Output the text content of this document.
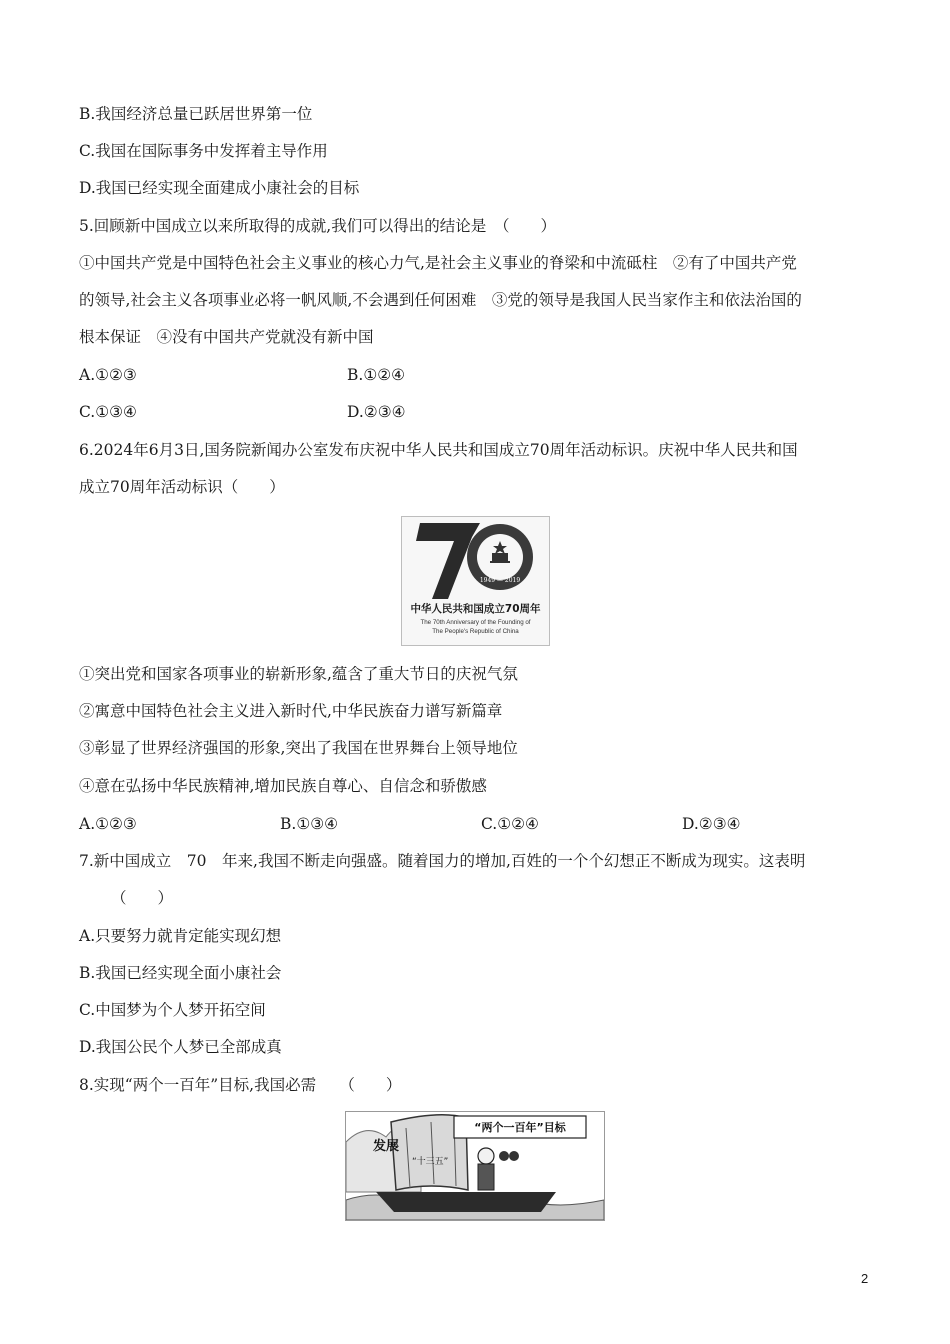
B.我国经济总量已跃居世界第一位
C.我国在国际事务中发挥着主导作用
D.我国已经实现全面建成小康社会的目标
5.回顾新中国成立以来所取得的成就,我们可以得出的结论是　（　　）
①中国共产党是中国特色社会主义事业的核心力气,是社会主义事业的脊梁和中流砥柱　②有了中国共产党
的领导,社会主义各项事业必将一帆风顺,不会遇到任何困难　③党的领导是我国人民当家作主和依法治国的
根本保证　④没有中国共产党就没有新中国
A.①②③	B.①②④
C.①③④	D.②③④
6.2024年6月3日,国务院新闻办公室发布庆祝中华人民共和国成立70周年活动标识。庆祝中华人民共和国
成立70周年活动标识（　　）
1949 — 2019
中华人民共和国成立70周年
The 70th Anniversary of the Founding of
The People's Republic of China
①突出党和国家各项事业的崭新形象,蕴含了重大节日的庆祝气氛
②寓意中国特色社会主义进入新时代,中华民族奋力谱写新篇章
③彰显了世界经济强国的形象,突出了我国在世界舞台上领导地位
④意在弘扬中华民族精神,增加民族自尊心、自信念和骄傲感
A.①②③	B.①③④	C.①②④	D.②③④
7.新中国成立　70　年来,我国不断走向强盛。随着国力的增加,百姓的一个个幻想正不断成为现实。这表明
（　　）
A.只要努力就肯定能实现幻想
B.我国已经实现全面小康社会
C.中国梦为个人梦开拓空间
D.我国公民个人梦已全部成真
8.实现“两个一百年”目标,我国必需　　（　　）
发展
“十三五”
“两个一百年”目标
2
